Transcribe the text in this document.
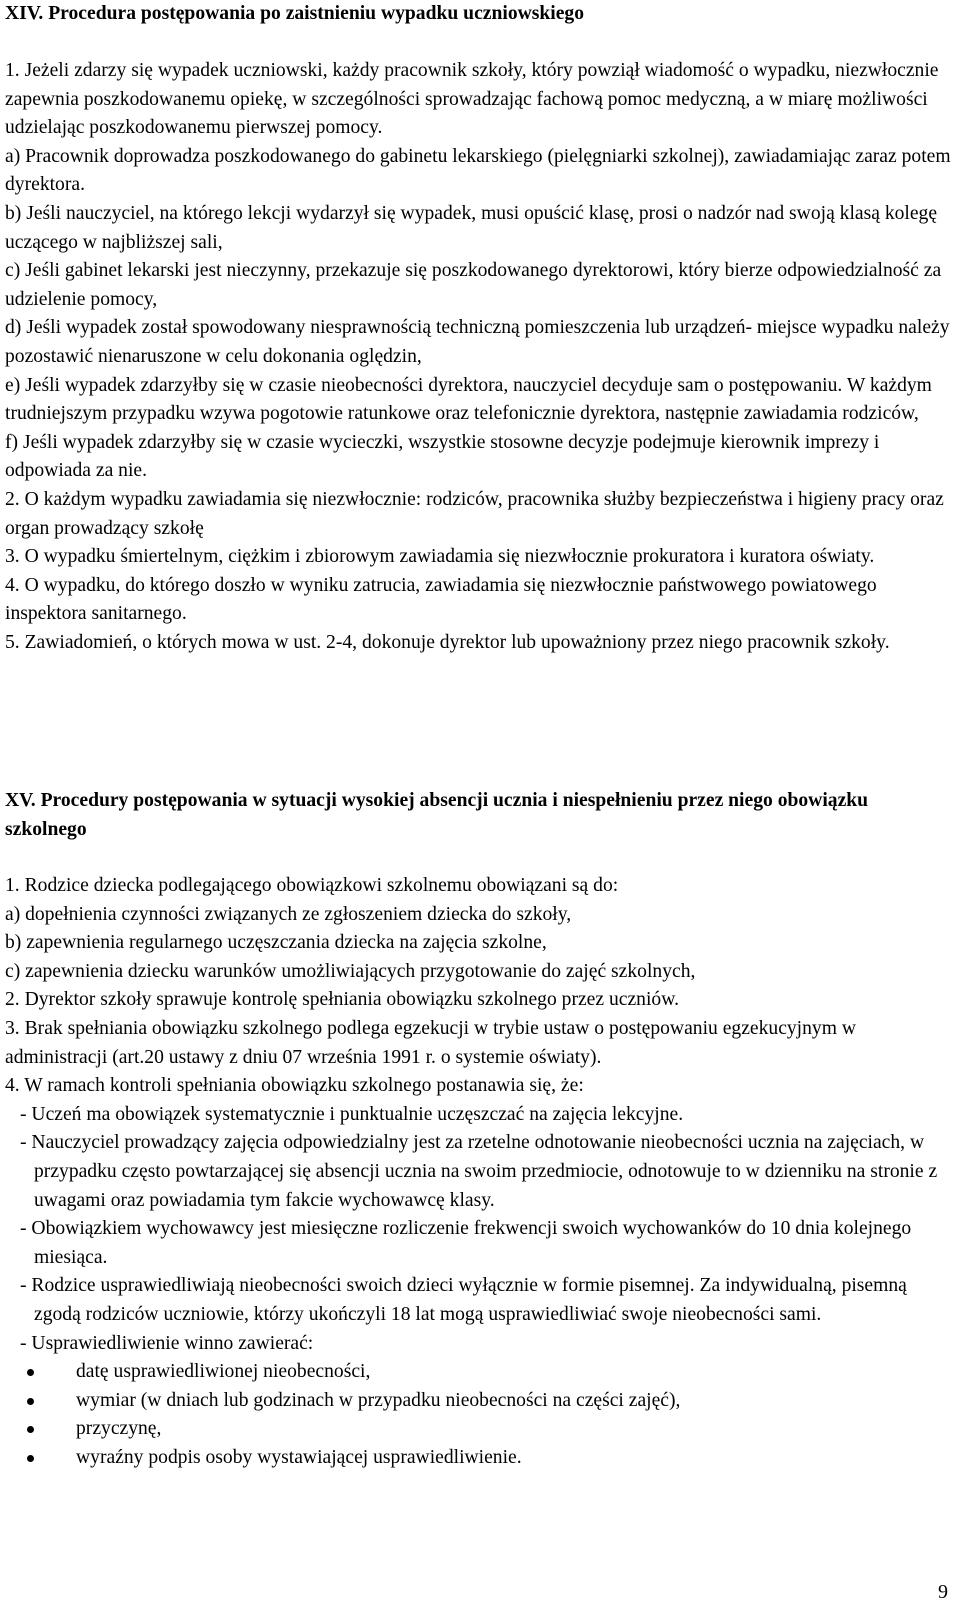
XIV. Procedura postępowania po zaistnieniu wypadku uczniowskiego

1. Jeżeli zdarzy się wypadek uczniowski, każdy pracownik szkoły, który powziął wiadomość o wypadku, niezwłocznie zapewnia poszkodowanemu opiekę, w szczególności sprowadzając fachową pomoc medyczną, a w miarę możliwości udzielając poszkodowanemu pierwszej pomocy.

a) Pracownik doprowadza poszkodowanego do gabinetu lekarskiego (pielęgniarki szkolnej), zawiadamiając zaraz potem dyrektora.

b) Jeśli nauczyciel, na którego lekcji wydarzył się wypadek, musi opuścić klasę, prosi o nadzór nad swoją klasą kolegę uczącego w najbliższej sali,

c) Jeśli gabinet lekarski jest nieczynny, przekazuje się poszkodowanego dyrektorowi, który bierze odpowiedzialność za udzielenie pomocy,

d) Jeśli wypadek został spowodowany niesprawnością techniczną pomieszczenia lub urządzeń- miejsce wypadku należy pozostawić nienaruszone w celu dokonania oględzin,

e) Jeśli wypadek zdarzyłby się w czasie nieobecności dyrektora, nauczyciel decyduje sam o postępowaniu. W każdym trudniejszym przypadku wzywa pogotowie ratunkowe oraz telefonicznie dyrektora, następnie zawiadamia rodziców,

f) Jeśli wypadek zdarzyłby się w czasie wycieczki, wszystkie stosowne decyzje podejmuje kierownik imprezy i odpowiada za nie.

2. O każdym wypadku zawiadamia się niezwłocznie: rodziców, pracownika służby bezpieczeństwa i higieny pracy oraz organ prowadzący szkołę

3. O wypadku śmiertelnym, ciężkim i zbiorowym zawiadamia się niezwłocznie prokuratora i kuratora oświaty.

4. O wypadku, do którego doszło w wyniku zatrucia, zawiadamia się niezwłocznie państwowego powiatowego inspektora sanitarnego.

5. Zawiadomień, o których mowa w ust. 2-4, dokonuje dyrektor lub upoważniony przez niego pracownik szkoły.

XV. Procedury postępowania w sytuacji wysokiej absencji ucznia i niespełnieniu przez niego obowiązku szkolnego

1. Rodzice dziecka podlegającego obowiązkowi szkolnemu obowiązani są do:

a) dopełnienia czynności związanych ze zgłoszeniem dziecka do szkoły,

b) zapewnienia regularnego uczęszczania dziecka na zajęcia szkolne,

c) zapewnienia dziecku warunków umożliwiających przygotowanie do zajęć szkolnych,

2. Dyrektor szkoły sprawuje kontrolę spełniania obowiązku szkolnego przez uczniów.

3. Brak spełniania obowiązku szkolnego podlega egzekucji w trybie ustaw o postępowaniu egzekucyjnym w administracji (art.20 ustawy z dniu 07 września 1991 r. o systemie oświaty).

4. W ramach kontroli spełniania obowiązku szkolnego postanawia się, że:

- Uczeń ma obowiązek systematycznie i punktualnie uczęszczać na zajęcia lekcyjne.

- Nauczyciel prowadzący zajęcia odpowiedzialny jest za rzetelne odnotowanie nieobecności ucznia na zajęciach, w przypadku często powtarzającej się absencji ucznia na swoim przedmiocie, odnotowuje to w dzienniku na stronie z uwagami oraz powiadamia tym fakcie wychowawcę klasy.

- Obowiązkiem wychowawcy jest miesięczne rozliczenie frekwencji swoich wychowanków do 10 dnia kolejnego miesiąca.

- Rodzice usprawiedliwiają nieobecności swoich dzieci wyłącznie w formie pisemnej. Za indywidualną, pisemną zgodą rodziców uczniowie, którzy ukończyli 18 lat mogą usprawiedliwiać swoje nieobecności sami.

- Usprawiedliwienie winno zawierać:

datę usprawiedliwionej nieobecności,
wymiar (w dniach lub godzinach w przypadku nieobecności na części zajęć),
przyczynę,
wyraźny podpis osoby wystawiającej usprawiedliwienie.
9
